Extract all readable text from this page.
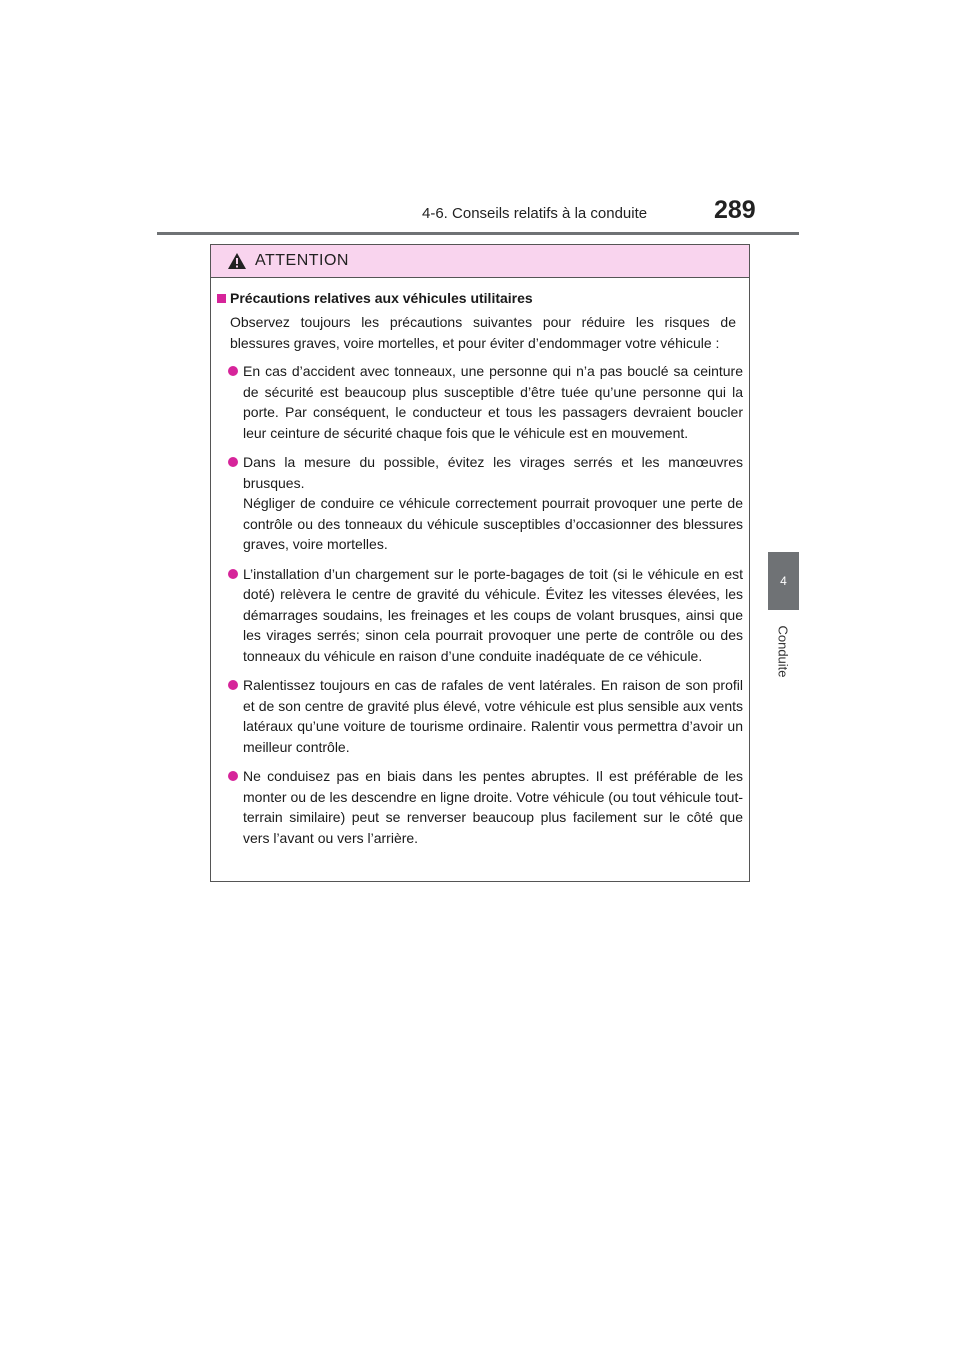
4-6. Conseils relatifs à la conduite	289
4
Conduite
ATTENTION
Précautions relatives aux véhicules utilitaires
Observez toujours les précautions suivantes pour réduire les risques de blessures graves, voire mortelles, et pour éviter d’endommager votre véhicule :
En cas d’accident avec tonneaux, une personne qui n’a pas bouclé sa ceinture de sécurité est beaucoup plus susceptible d’être tuée qu’une personne qui la porte. Par conséquent, le conducteur et tous les passagers devraient boucler leur ceinture de sécurité chaque fois que le véhicule est en mouvement.
Dans la mesure du possible, évitez les virages serrés et les manœuvres brusques.
Négliger de conduire ce véhicule correctement pourrait provoquer une perte de contrôle ou des tonneaux du véhicule susceptibles d’occasionner des blessures graves, voire mortelles.
L’installation d’un chargement sur le porte-bagages de toit (si le véhicule en est doté) relèvera le centre de gravité du véhicule. Évitez les vitesses élevées, les démarrages soudains, les freinages et les coups de volant brusques, ainsi que les virages serrés; sinon cela pourrait provoquer une perte de contrôle ou des tonneaux du véhicule en raison d’une conduite inadéquate de ce véhicule.
Ralentissez toujours en cas de rafales de vent latérales. En raison de son profil et de son centre de gravité plus élevé, votre véhicule est plus sensible aux vents latéraux qu’une voiture de tourisme ordinaire. Ralentir vous permettra d’avoir un meilleur contrôle.
Ne conduisez pas en biais dans les pentes abruptes. Il est préférable de les monter ou de les descendre en ligne droite. Votre véhicule (ou tout véhicule tout-terrain similaire) peut se renverser beaucoup plus facilement sur le côté que vers l’avant ou vers l’arrière.
